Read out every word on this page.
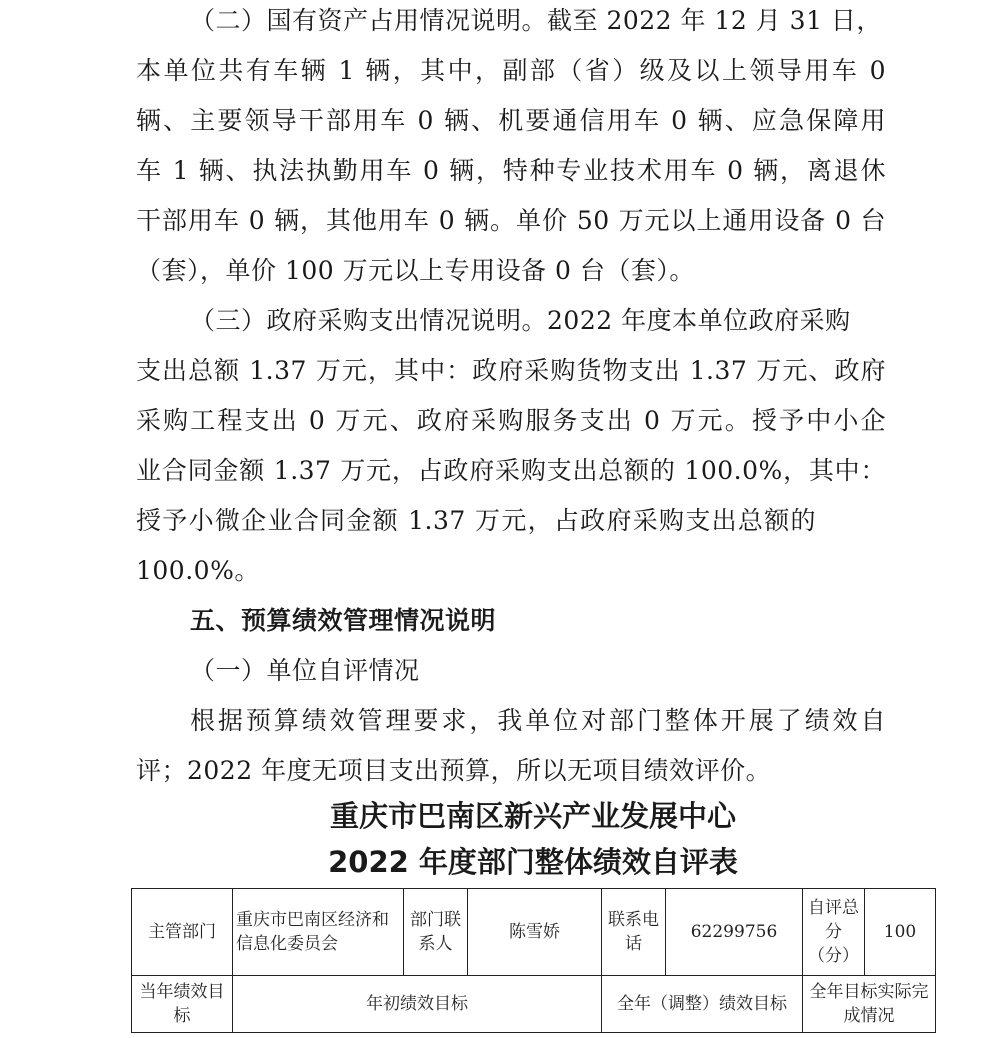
（二）国有资产占用情况说明。截至 2022 年 12 月 31 日，
本单位共有车辆 1 辆，其中，副部（省）级及以上领导用车 0
辆、主要领导干部用车 0 辆、机要通信用车 0 辆、应急保障用
车 1 辆、执法执勤用车 0 辆，特种专业技术用车 0 辆，离退休
干部用车 0 辆，其他用车 0 辆。单价 50 万元以上通用设备 0 台
（套），单价 100 万元以上专用设备 0 台（套）。
（三）政府采购支出情况说明。2022 年度本单位政府采购
支出总额 1.37 万元，其中：政府采购货物支出 1.37 万元、政府
采购工程支出 0 万元、政府采购服务支出 0 万元。授予中小企
业合同金额 1.37 万元，占政府采购支出总额的 100.0%，其中：
授予小微企业合同金额 1.37 万元，占政府采购支出总额的
100.0%。
五、预算绩效管理情况说明
（一）单位自评情况
根据预算绩效管理要求，我单位对部门整体开展了绩效自
评；2022 年度无项目支出预算，所以无项目绩效评价。
重庆市巴南区新兴产业发展中心
2022 年度部门整体绩效自评表
主管部门	重庆市巴南区经济和信息化委员会	部门联系人	陈雪娇	联系电话	62299756	自评总分（分）	100
当年绩效目标	年初绩效目标			全年（调整）绩效目标		全年目标实际完成情况	
